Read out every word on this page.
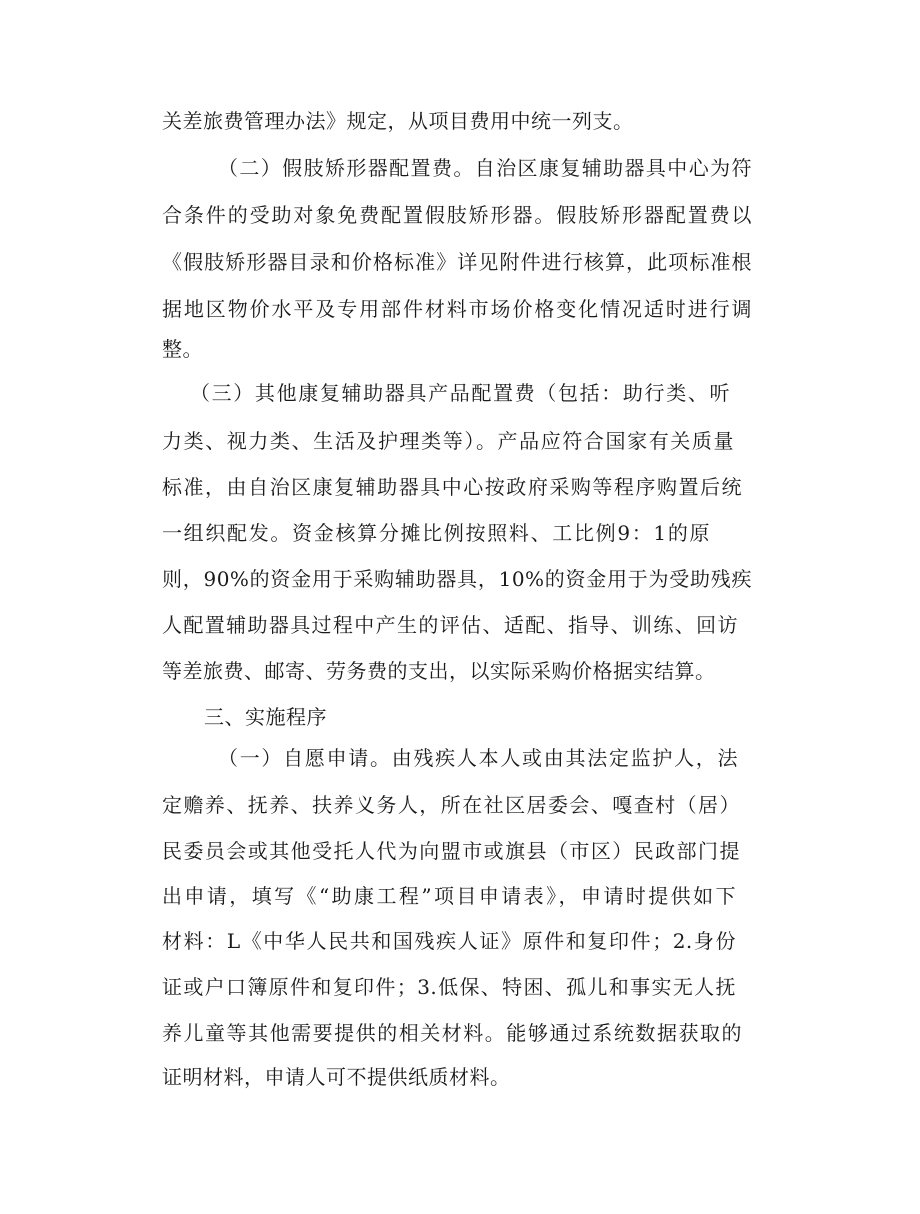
关差旅费管理办法》规定，从项目费用中统一列支。
（二）假肢矫形器配置费。自治区康复辅助器具中心为符
合条件的受助对象免费配置假肢矫形器。假肢矫形器配置费以
《假肢矫形器目录和价格标准》详见附件进行核算，此项标准根
据地区物价水平及专用部件材料市场价格变化情况适时进行调
整。
（三）其他康复辅助器具产品配置费（包括：助行类、听
力类、视力类、生活及护理类等）。产品应符合国家有关质量
标准，由自治区康复辅助器具中心按政府采购等程序购置后统
一组织配发。资金核算分摊比例按照料、工比例9：1的原
则，90%的资金用于采购辅助器具，10%的资金用于为受助残疾
人配置辅助器具过程中产生的评估、适配、指导、训练、回访
等差旅费、邮寄、劳务费的支出，以实际采购价格据实结算。
三、实施程序
（一）自愿申请。由残疾人本人或由其法定监护人，法
定赡养、抚养、扶养义务人，所在社区居委会、嘎查村（居）
民委员会或其他受托人代为向盟市或旗县（市区）民政部门提
出申请，填写《“助康工程”项目申请表》，申请时提供如下
材料：L《中华人民共和国残疾人证》原件和复印件；2.身份
证或户口簿原件和复印件；3.低保、特困、孤儿和事实无人抚
养儿童等其他需要提供的相关材料。能够通过系统数据获取的
证明材料，申请人可不提供纸质材料。
